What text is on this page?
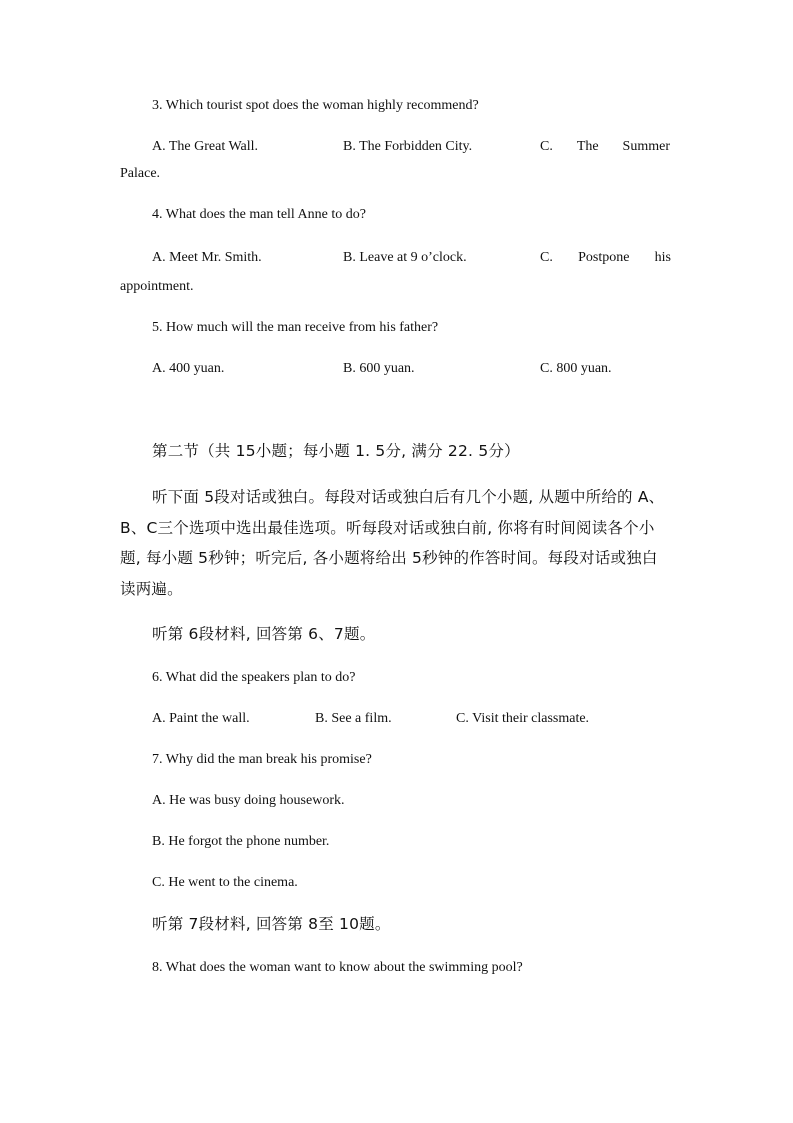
3. Which tourist spot does the woman highly recommend?
A. The Great Wall.	B. The Forbidden City.	C. The Summer
Palace.
4. What does the man tell Anne to do?
A. Meet Mr. Smith.	B. Leave at 9 o’clock.	C. Postpone his
appointment.
5. How much will the man receive from his father?
A. 400 yuan.	B. 600 yuan.	C. 800 yuan.
第二节（共 15小题；每小题 1. 5分, 满分 22. 5分）
听下面 5段对话或独白。每段对话或独白后有几个小题, 从题中所给的 A、
B、C三个选项中选出最佳选项。听每段对话或独白前, 你将有时间阅读各个小
题, 每小题 5秒钟；听完后, 各小题将给出 5秒钟的作答时间。每段对话或独白
读两遍。
听第 6段材料, 回答第 6、7题。
6. What did the speakers plan to do?
A. Paint the wall.	B. See a film.	C. Visit their classmate.
7. Why did the man break his promise?
A. He was busy doing housework.
B. He forgot the phone number.
C. He went to the cinema.
听第 7段材料, 回答第 8至 10题。
8. What does the woman want to know about the swimming pool?
